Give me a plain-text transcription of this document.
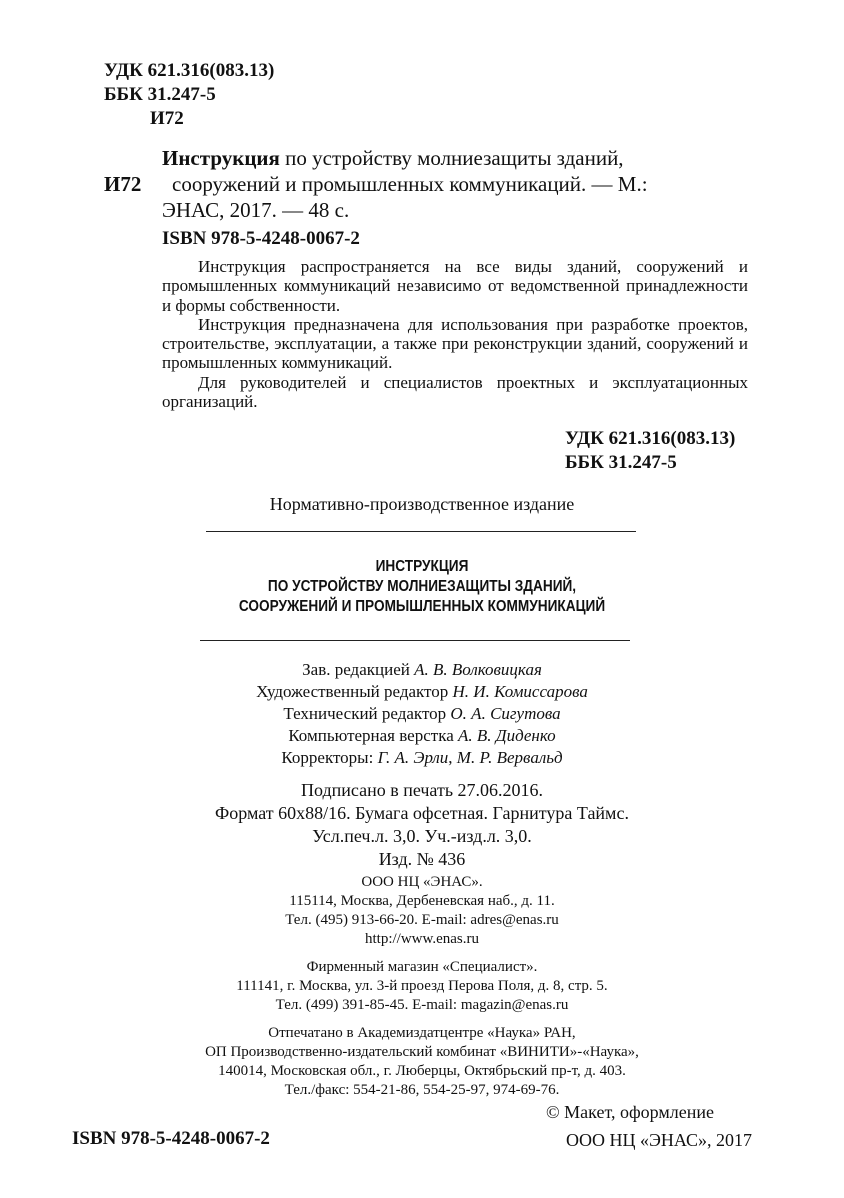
УДК 621.316(083.13)
ББК 31.247-5
И72
И72
Инструкция по устройству молниезащиты зданий,
сооружений и промышленных коммуникаций. — М.:
ЭНАС, 2017. — 48 с.
ISBN 978-5-4248-0067-2

Инструкция распространяется на все виды зданий, сооружений и промышленных коммуникаций независимо от ведомственной принадлежности и формы собственности.

Инструкция предназначена для использования при разработке проектов, строительстве, эксплуатации, а также при реконструкции зданий, сооружений и промышленных коммуникаций.

Для руководителей и специалистов проектных и эксплуатационных организаций.

УДК 621.316(083.13)
ББК 31.247-5
Нормативно-производственное издание
ИНСТРУКЦИЯ
ПО УСТРОЙСТВУ МОЛНИЕЗАЩИТЫ ЗДАНИЙ,
СООРУЖЕНИЙ И ПРОМЫШЛЕННЫХ КОММУНИКАЦИЙ
Зав. редакцией А. В. Волковицкая
Художественный редактор Н. И. Комиссарова
Технический редактор О. А. Сигутова
Компьютерная верстка А. В. Диденко
Корректоры: Г. А. Эрли, М. Р. Вервальд
Подписано в печать 27.06.2016.
Формат 60х88/16. Бумага офсетная. Гарнитура Таймс.
Усл.печ.л. 3,0. Уч.-изд.л. 3,0.
Изд. № 436
ООО НЦ «ЭНАС».
115114, Москва, Дербеневская наб., д. 11.
Тел. (495) 913-66-20. E-mail: adres@enas.ru
http://www.enas.ru
Фирменный магазин «Специалист».
111141, г. Москва, ул. 3-й проезд Перова Поля, д. 8, стр. 5.
Тел. (499) 391-85-45. E-mail: magazin@enas.ru
Отпечатано в Академиздатцентре «Наука» РАН,
ОП Производственно-издательский комбинат «ВИНИТИ»-«Наука»,
140014, Московская обл., г. Люберцы, Октябрьский пр-т, д. 403.
Тел./факс: 554-21-86, 554-25-97, 974-69-76.
ISBN 978-5-4248-0067-2
© Макет, оформление
ООО НЦ «ЭНАС», 2017
